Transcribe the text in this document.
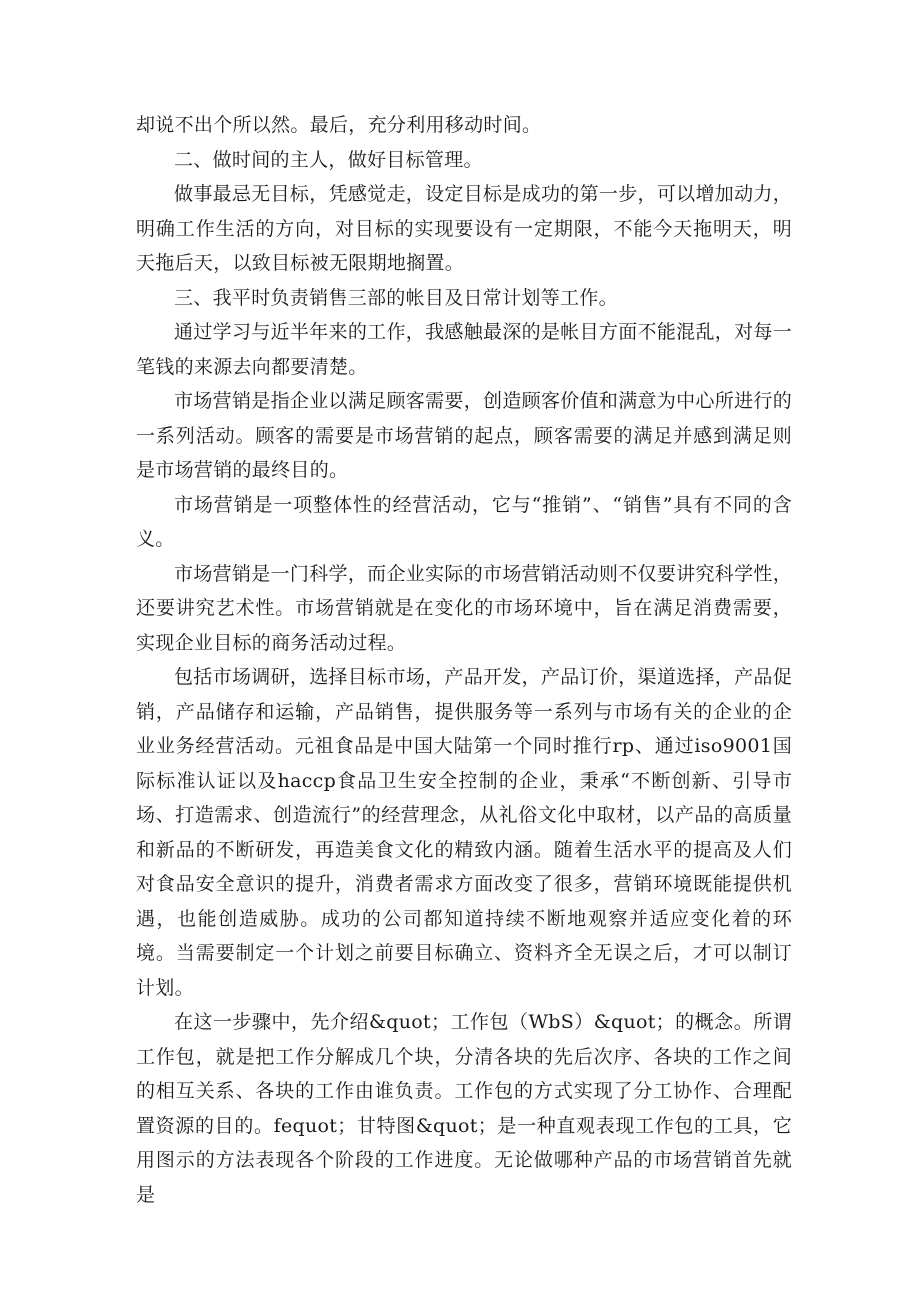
却说不出个所以然。最后，充分利用移动时间。

二、做时间的主人，做好目标管理。

做事最忌无目标，凭感觉走，设定目标是成功的第一步，可以增加动力，明确工作生活的方向，对目标的实现要设有一定期限，不能今天拖明天，明天拖后天，以致目标被无限期地搁置。

三、我平时负责销售三部的帐目及日常计划等工作。

通过学习与近半年来的工作，我感触最深的是帐目方面不能混乱，对每一笔钱的来源去向都要清楚。

市场营销是指企业以满足顾客需要，创造顾客价值和满意为中心所进行的一系列活动。顾客的需要是市场营销的起点，顾客需要的满足并感到满足则是市场营销的最终目的。

市场营销是一项整体性的经营活动，它与“推销”、“销售”具有不同的含义。

市场营销是一门科学，而企业实际的市场营销活动则不仅要讲究科学性，还要讲究艺术性。市场营销就是在变化的市场环境中，旨在满足消费需要，实现企业目标的商务活动过程。

包括市场调研，选择目标市场，产品开发，产品订价，渠道选择，产品促销，产品储存和运输，产品销售，提供服务等一系列与市场有关的企业的企业业务经营活动。元祖食品是中国大陆第一个同时推行rp、通过iso9001国际标准认证以及haccp食品卫生安全控制的企业，秉承“不断创新、引导市场、打造需求、创造流行”的经营理念，从礼俗文化中取材，以产品的高质量和新品的不断研发，再造美食文化的精致内涵。随着生活水平的提高及人们对食品安全意识的提升，消费者需求方面改变了很多，营销环境既能提供机遇，也能创造威胁。成功的公司都知道持续不断地观察并适应变化着的环境。当需要制定一个计划之前要目标确立、资料齐全无误之后，才可以制订计划。

在这一步骤中，先介绍&quot；工作包（WbS）&quot；的概念。所谓工作包，就是把工作分解成几个块，分清各块的先后次序、各块的工作之间的相互关系、各块的工作由谁负责。工作包的方式实现了分工协作、合理配置资源的目的。fequot；甘特图&quot；是一种直观表现工作包的工具，它用图示的方法表现各个阶段的工作进度。无论做哪种产品的市场营销首先就是
